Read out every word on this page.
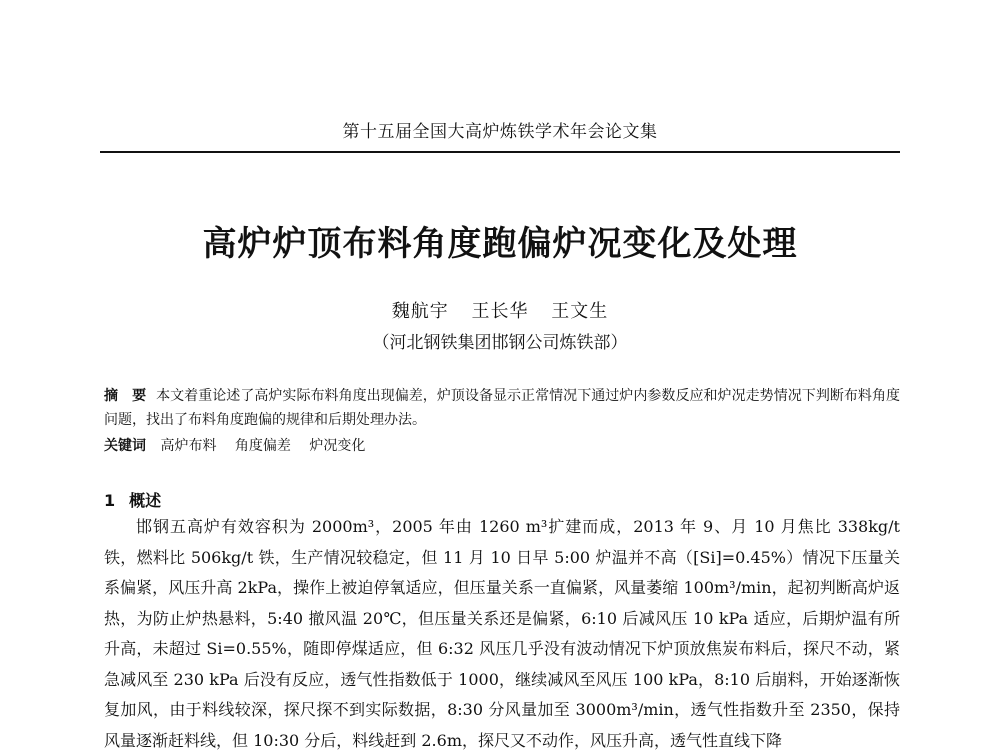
第十五届全国大高炉炼铁学术年会论文集
高炉炉顶布料角度跑偏炉况变化及处理
魏航宇 王长华 王文生
（河北钢铁集团邯钢公司炼铁部）
摘　要 本文着重论述了高炉实际布料角度出现偏差，炉顶设备显示正常情况下通过炉内参数反应和炉况走势情况下判断布料角度问题，找出了布料角度跑偏的规律和后期处理办法。
关键词 高炉布料 角度偏差 炉况变化
1 概述

邯钢五高炉有效容积为 2000m³，2005 年由 1260 m³扩建而成，2013 年 9、月 10 月焦比 338kg/t 铁，燃料比 506kg/t 铁，生产情况较稳定，但 11 月 10 日早 5:00 炉温并不高（[Si]=0.45%）情况下压量关系偏紧，风压升高 2kPa，操作上被迫停氧适应，但压量关系一直偏紧，风量萎缩 100m³/min，起初判断高炉返热，为防止炉热悬料，5:40 撤风温 20℃，但压量关系还是偏紧，6:10 后减风压 10 kPa 适应，后期炉温有所升高，未超过 Si=0.55%，随即停煤适应，但 6:32 风压几乎没有波动情况下炉顶放焦炭布料后，探尺不动，紧急减风至 230 kPa 后没有反应，透气性指数低于 1000，继续减风至风压 100 kPa，8:10 后崩料，开始逐渐恢复加风，由于料线较深，探尺探不到实际数据，8:30 分风量加至 3000m³/min，透气性指数升至 2350，保持风量逐渐赶料线，但 10:30 分后，料线赶到 2.6m，探尺又不动作，风压升高，透气性直线下降
